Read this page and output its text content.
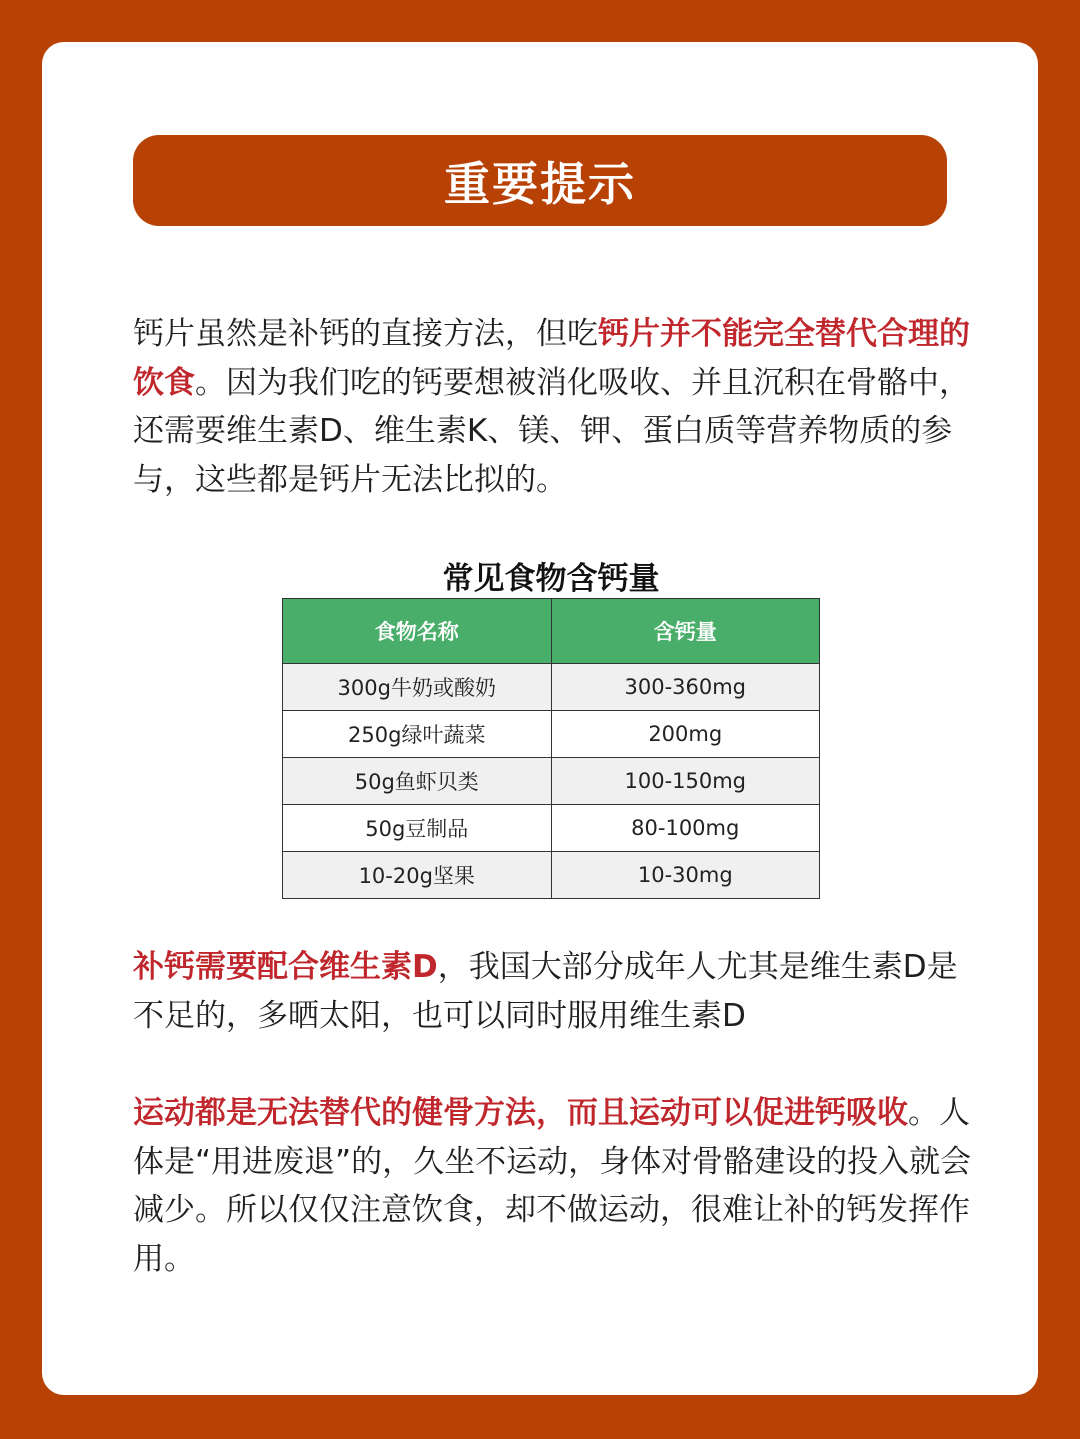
重要提示

钙片虽然是补钙的直接方法，但吃钙片并不能完全替代合理的饮食。因为我们吃的钙要想被消化吸收、并且沉积在骨骼中，还需要维生素D、维生素K、镁、钾、蛋白质等营养物质的参与，这些都是钙片无法比拟的。

常见食物含钙量
食物名称	含钙量
300g牛奶或酸奶	300-360mg
250g绿叶蔬菜	200mg
50g鱼虾贝类	100-150mg
50g豆制品	80-100mg
10-20g坚果	10-30mg

补钙需要配合维生素D，我国大部分成年人尤其是维生素D是不足的，多晒太阳，也可以同时服用维生素D

运动都是无法替代的健骨方法，而且运动可以促进钙吸收。人体是“用进废退”的，久坐不运动，身体对骨骼建设的投入就会减少。所以仅仅注意饮食，却不做运动，很难让补的钙发挥作用。
